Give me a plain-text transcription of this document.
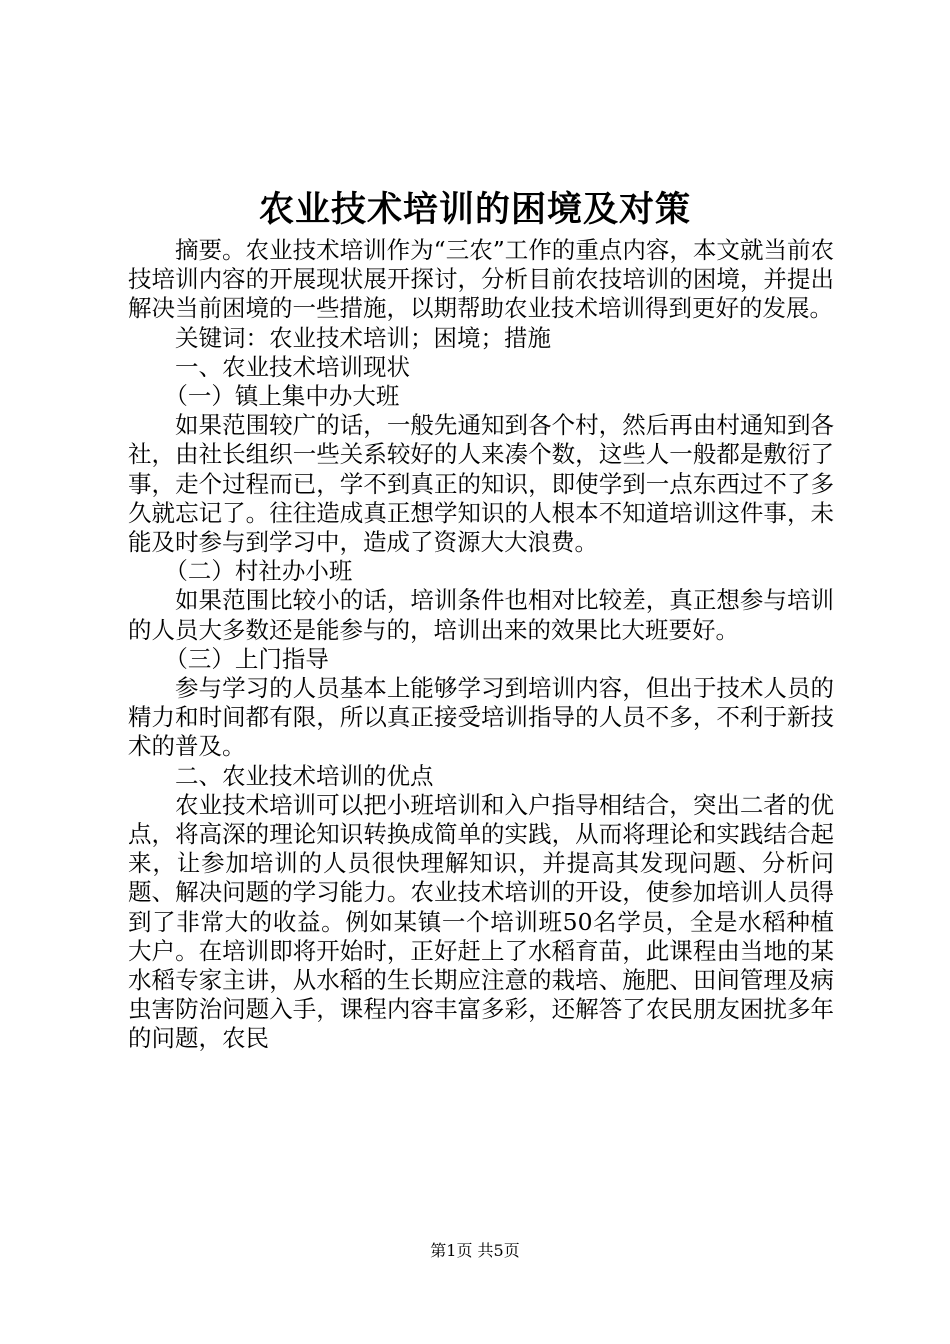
农业技术培训的困境及对策

摘要。农业技术培训作为“三农”工作的重点内容，本文就当前农技培训内容的开展现状展开探讨，分析目前农技培训的困境，并提出解决当前困境的一些措施，以期帮助农业技术培训得到更好的发展。

关键词：农业技术培训；困境；措施

一、农业技术培训现状

（一）镇上集中办大班

如果范围较广的话，一般先通知到各个村，然后再由村通知到各社，由社长组织一些关系较好的人来凑个数，这些人一般都是敷衍了事，走个过程而已，学不到真正的知识，即使学到一点东西过不了多久就忘记了。往往造成真正想学知识的人根本不知道培训这件事，未能及时参与到学习中，造成了资源大大浪费。

（二）村社办小班

如果范围比较小的话，培训条件也相对比较差，真正想参与培训的人员大多数还是能参与的，培训出来的效果比大班要好。

（三）上门指导

参与学习的人员基本上能够学习到培训内容，但出于技术人员的精力和时间都有限，所以真正接受培训指导的人员不多，不利于新技术的普及。

二、农业技术培训的优点

农业技术培训可以把小班培训和入户指导相结合，突出二者的优点，将高深的理论知识转换成简单的实践，从而将理论和实践结合起来，让参加培训的人员很快理解知识，并提高其发现问题、分析问题、解决问题的学习能力。农业技术培训的开设，使参加培训人员得到了非常大的收益。例如某镇一个培训班50名学员，全是水稻种植大户。在培训即将开始时，正好赶上了水稻育苗，此课程由当地的某水稻专家主讲，从水稻的生长期应注意的栽培、施肥、田间管理及病虫害防治问题入手，课程内容丰富多彩，还解答了农民朋友困扰多年的问题，农民

第1页 共5页
